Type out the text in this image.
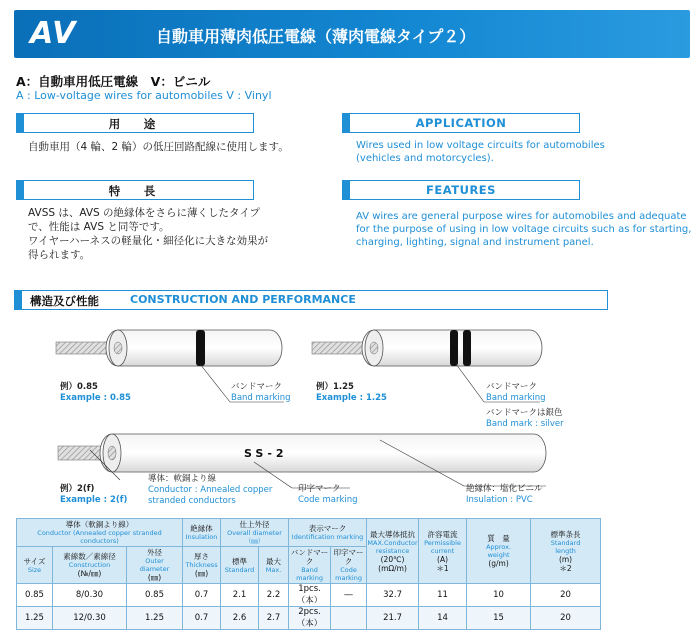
AV	自動車用薄肉低圧電線（薄肉電線タイプ２）
A：自動車用低圧電線　V：ビニル
A : Low-voltage wires for automobiles V : Vinyl
用　途
自動車用（4 輪、2 輪）の低圧回路配線に使用します。
APPLICATION
Wires used in low voltage circuits for automobiles
(vehicles and motorcycles).
特　長
AVSS は、AVS の絶縁体をさらに薄くしたタイプ
で、性能は AVS と同等です。
ワイヤーハーネスの軽量化・細径化に大きな効果が
得られます。
FEATURES
AV wires are general purpose wires for automobiles and adequate
for the purpose of using in low voltage circuits such as for starting,
charging, lighting, signal and instrument panel.
構造及び性能	CONSTRUCTION AND PERFORMANCE
SS-2
例）0.85
Example : 0.85
バンドマーク
Band marking
例）1.25
Example : 1.25
バンドマーク
Band marking
バンドマークは銀色
Band mark : silver
例）2(f)
Example : 2(f)
導体：軟銅より線
Conductor : Annealed copper
stranded conductors
印字マーク
Code marking
絶縁体：塩化ビニル
Insulation : PVC
導体（軟銅より線）
Conductor (Annealed copper stranded conductors)			絶縁体
Insulation	仕上外径
Overall diameter（㎜）		表示マーク
Identification marking		最大導体抵抗
MAX.Conductor
resistance
(20℃)
(mΩ/m)	許容電流
Permissible
current
(A)
＊1	質　量
Approx.
weight
(g/m)	標準条長
Standard
length
(m)
＊2

サイズ
Size	素線数／素線径
Construction
(№/㎜)	外径
Outer
diameter
(㎜)	厚さ
Thickness
(㎜)	標準
Standard	最大
Max.	バンドマーク
Band
marking	印字マーク
Code
marking				

0.85	8/0.30	0.85	0.7	2.1	2.2	1pcs.（本）	―	32.7	11	10	20
1.25	12/0.30	1.25	0.7	2.6	2.7	2pcs.（本）		21.7	14	15	20
